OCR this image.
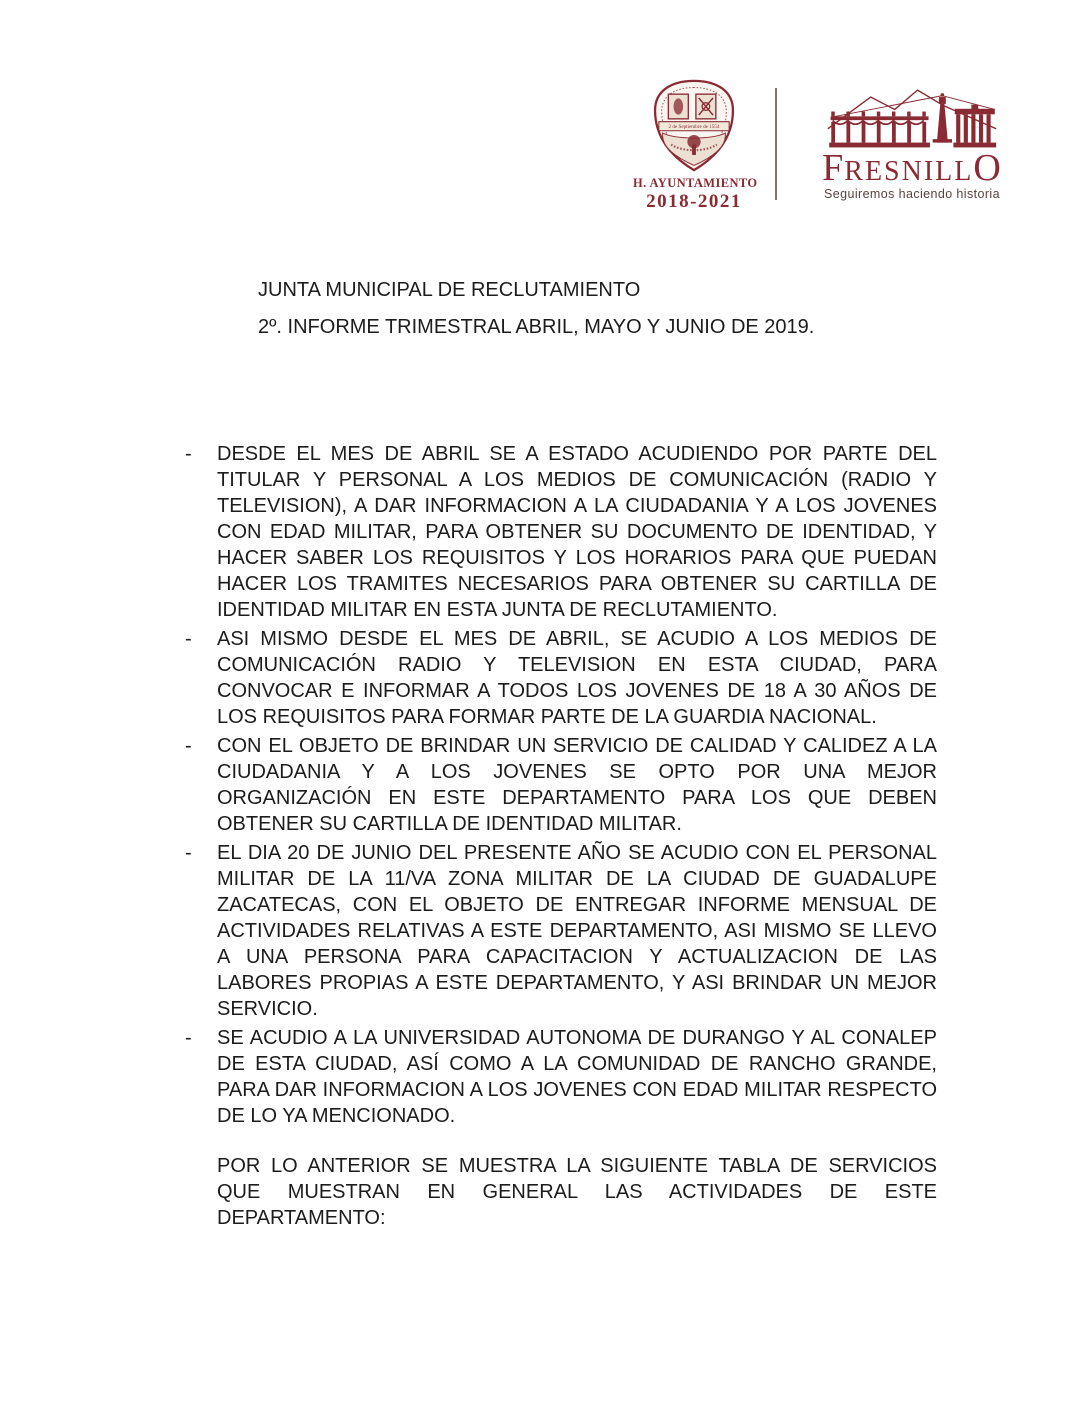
2 de Septiembre de 1554
H. AYUNTAMIENTO
2018-2021
FRESNILLO
Seguiremos haciendo historia
JUNTA MUNICIPAL DE RECLUTAMIENTO
2º. INFORME TRIMESTRAL ABRIL, MAYO Y JUNIO DE 2019.
-	DESDE EL MES DE ABRIL SE A ESTADO ACUDIENDO POR PARTE DEL TITULAR Y PERSONAL A LOS MEDIOS DE COMUNICACIÓN (RADIO Y TELEVISION), A DAR INFORMACION A LA CIUDADANIA Y A LOS JOVENES CON EDAD MILITAR, PARA OBTENER SU DOCUMENTO DE IDENTIDAD, Y HACER SABER LOS REQUISITOS Y LOS HORARIOS PARA QUE PUEDAN HACER LOS TRAMITES NECESARIOS PARA OBTENER SU CARTILLA DE IDENTIDAD MILITAR EN ESTA JUNTA DE RECLUTAMIENTO.

-	ASI MISMO DESDE EL MES DE ABRIL, SE ACUDIO A LOS MEDIOS DE COMUNICACIÓN RADIO Y TELEVISION EN ESTA CIUDAD, PARA CONVOCAR E INFORMAR A TODOS LOS JOVENES DE 18 A 30 AÑOS DE LOS REQUISITOS PARA FORMAR PARTE DE LA GUARDIA NACIONAL.

-	CON EL OBJETO DE BRINDAR UN SERVICIO DE CALIDAD Y CALIDEZ A LA CIUDADANIA Y A LOS JOVENES SE OPTO POR UNA MEJOR ORGANIZACIÓN EN ESTE DEPARTAMENTO PARA LOS QUE DEBEN OBTENER SU CARTILLA DE IDENTIDAD MILITAR.

-	EL DIA 20 DE JUNIO DEL PRESENTE AÑO SE ACUDIO CON EL PERSONAL MILITAR DE LA 11/VA ZONA MILITAR DE LA CIUDAD DE GUADALUPE ZACATECAS, CON EL OBJETO DE ENTREGAR INFORME MENSUAL DE ACTIVIDADES RELATIVAS A ESTE DEPARTAMENTO, ASI MISMO SE LLEVO A UNA PERSONA PARA CAPACITACION Y ACTUALIZACION DE LAS LABORES PROPIAS A ESTE DEPARTAMENTO, Y ASI BRINDAR UN MEJOR SERVICIO.

-	SE ACUDIO A LA UNIVERSIDAD AUTONOMA DE DURANGO Y AL CONALEP DE ESTA CIUDAD, ASÍ COMO A LA COMUNIDAD DE RANCHO GRANDE, PARA DAR INFORMACION A LOS JOVENES CON EDAD MILITAR RESPECTO DE LO YA MENCIONADO.

POR LO ANTERIOR SE MUESTRA LA SIGUIENTE TABLA DE SERVICIOS QUE MUESTRAN EN GENERAL LAS ACTIVIDADES DE ESTE DEPARTAMENTO:
